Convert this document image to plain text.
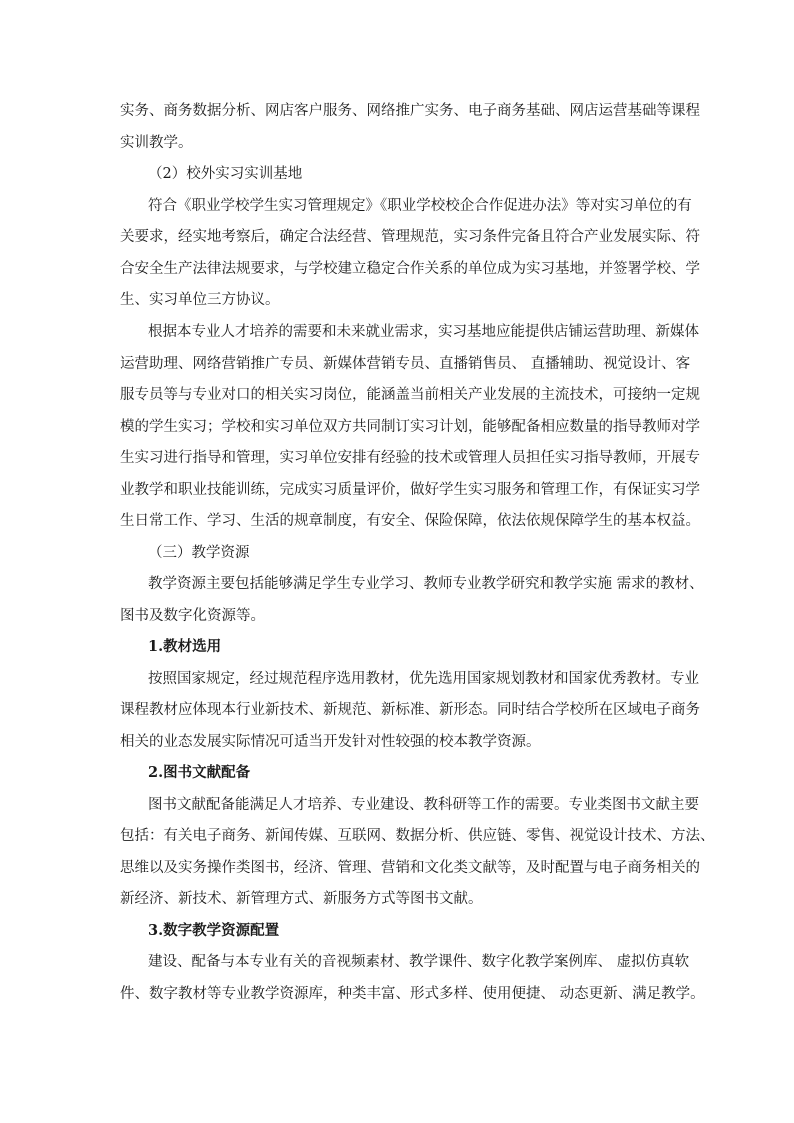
实务、商务数据分析、网店客户服务、网络推广实务、电子商务基础、网店运营基础等课程
实训教学。
（2）校外实习实训基地
符合《职业学校学生实习管理规定》《职业学校校企合作促进办法》等对实习单位的有
关要求，经实地考察后，确定合法经营、管理规范，实习条件完备且符合产业发展实际、符
合安全生产法律法规要求，与学校建立稳定合作关系的单位成为实习基地，并签署学校、学
生、实习单位三方协议。
根据本专业人才培养的需要和未来就业需求，实习基地应能提供店铺运营助理、新媒体
运营助理、网络营销推广专员、新媒体营销专员、直播销售员、 直播辅助、视觉设计、客
服专员等与专业对口的相关实习岗位，能涵盖当前相关产业发展的主流技术，可接纳一定规
模的学生实习；学校和实习单位双方共同制订实习计划，能够配备相应数量的指导教师对学
生实习进行指导和管理，实习单位安排有经验的技术或管理人员担任实习指导教师，开展专
业教学和职业技能训练，完成实习质量评价，做好学生实习服务和管理工作，有保证实习学
生日常工作、学习、生活的规章制度，有安全、保险保障，依法依规保障学生的基本权益。
（三）教学资源
教学资源主要包括能够满足学生专业学习、教师专业教学研究和教学实施 需求的教材、
图书及数字化资源等。
1.教材选用
按照国家规定，经过规范程序选用教材，优先选用国家规划教材和国家优秀教材。专业
课程教材应体现本行业新技术、新规范、新标准、新形态。同时结合学校所在区域电子商务
相关的业态发展实际情况可适当开发针对性较强的校本教学资源。
2.图书文献配备
图书文献配备能满足人才培养、专业建设、教科研等工作的需要。专业类图书文献主要
包括：有关电子商务、新闻传媒、互联网、数据分析、供应链、零售、视觉设计技术、方法、
思维以及实务操作类图书，经济、管理、营销和文化类文献等，及时配置与电子商务相关的
新经济、新技术、新管理方式、新服务方式等图书文献。
3.数字教学资源配置
建设、配备与本专业有关的音视频素材、教学课件、数字化教学案例库、 虚拟仿真软
件、数字教材等专业教学资源库，种类丰富、形式多样、使用便捷、 动态更新、满足教学。
